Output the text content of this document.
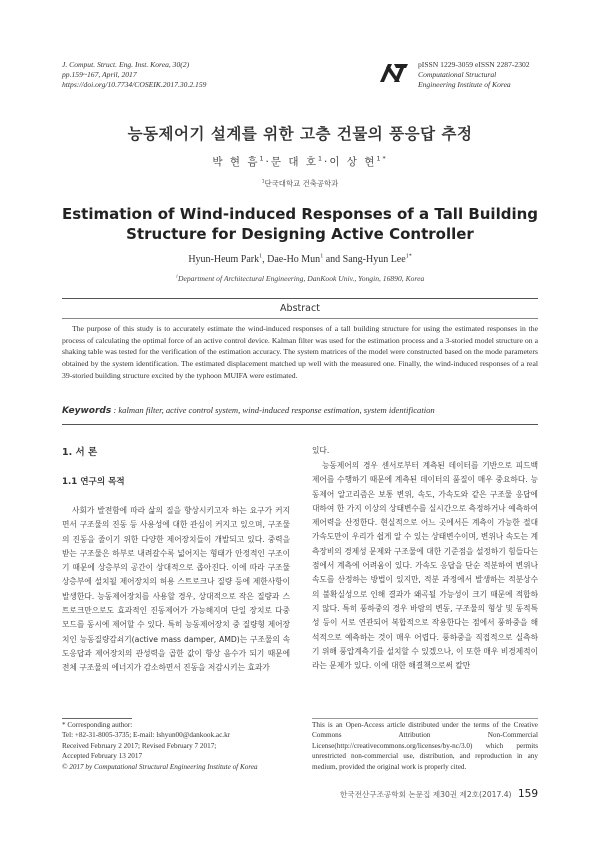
J. Comput. Struct. Eng. Inst. Korea, 30(2)
pp.159~167, April, 2017
https://doi.org/10.7734/COSEIK.2017.30.2.159
pISSN 1229-3059 eISSN 2287-2302
Computational Structural
Engineering Institute of Korea
능동제어기 설계를 위한 고층 건물의 풍응답 추정
박 현 흠$^1$·문 대 호$^1$·이 상 현$^{1*}$
$^1$단국대학교 건축공학과
Estimation of Wind-induced Responses of a Tall Building
Structure for Designing Active Controller
Hyun-Heum Park$^1$, Dae-Ho Mun$^1$ and Sang-Hyun Lee$^{1*}$
$^1$Department of Architectural Engineering, DanKook Univ., Yongin, 16890, Korea
Abstract
The purpose of this study is to accurately estimate the wind-induced responses of a tall building structure for using the estimated responses in the process of calculating the optimal force of an active control device. Kalman filter was used for the estimation process and a 3-storied model structure on a shaking table was tested for the verification of the estimation accuracy. The system matrices of the model were constructed based on the mode parameters obtained by the system identification. The estimated displacement matched up well with the measured one. Finally, the wind-induced responses of a real 39-storied building structure excited by the typhoon MUIFA were estimated.
Keywords : kalman filter, active control system, wind-induced response estimation, system identification
1. 서 론
1.1 연구의 목적
사회가 발전함에 따라 삶의 질을 향상시키고자 하는 요구가 커지면서 구조물의 진동 등 사용성에 대한 관심이 커지고 있으며, 구조물의 진동을 줄이기 위한 다양한 제어장치들이 개발되고 있다. 중력을 받는 구조물은 하부로 내려갈수록 넓어지는 형태가 안정적인 구조이기 때문에 상층부의 공간이 상대적으로 좁아진다. 이에 따라 구조물 상층부에 설치될 제어장치의 허용 스트로크나 질량 등에 제한사항이 발생한다. 능동제어장치를 사용할 경우, 상대적으로 작은 질량과 스트로크만으로도 효과적인 진동제어가 가능해지며 단일 장치로 다중모드를 동시에 제어할 수 있다. 특히 능동제어장치 중 질량형 제어장치인 능동질량감쇠기(active mass damper, AMD)는 구조물의 속도응답과 제어장치의 관성력을 곱한 값이 항상 음수가 되기 때문에 전체 구조물의 에너지가 감소하면서 진동을 저감시키는 효과가
있다.
능동제어의 경우 센서로부터 계측된 데이터를 기반으로 피드백 제어를 수행하기 때문에 계측된 데이터의 품질이 매우 중요하다. 능동제어 알고리즘은 보통 변위, 속도, 가속도와 같은 구조물 응답에 대하여 한 가지 이상의 상태변수를 실시간으로 측정하거나 예측하여 제어력을 산정한다. 현실적으로 어느 곳에서든 계측이 가능한 절대가속도만이 우리가 쉽게 알 수 있는 상태변수이며, 변위나 속도는 계측장비의 경제성 문제와 구조물에 대한 기준점을 설정하기 힘들다는 점에서 계측에 어려움이 있다. 가속도 응답을 단순 적분하여 변위나 속도를 산정하는 방법이 있지만, 적분 과정에서 발생하는 적분상수의 불확실성으로 인해 결과가 왜곡될 가능성이 크기 때문에 적합하지 않다. 특히 풍하중의 경우 바람의 변동, 구조물의 형상 및 동적특성 등이 서로 연관되어 복합적으로 작용한다는 점에서 풍하중을 해석적으로 예측하는 것이 매우 어렵다. 풍하중을 직접적으로 실측하기 위해 풍압계측기를 설치할 수 있겠으나, 이 또한 매우 비경제적이라는 문제가 있다. 이에 대한 해결책으로써 칼만
* Corresponding author:
Tel: +82-31-8005-3735; E-mail: lshyun00@dankook.ac.kr
Received February 2 2017; Revised February 7 2017;
Accepted February 13 2017
© 2017 by Computational Structural Engineering Institute of Korea
This is an Open-Access article distributed under the terms of the Creative Commons Attribution Non-Commercial License(http://creativecommons.org/licenses/by-nc/3.0) which permits unrestricted non-commercial use, distribution, and reproduction in any medium, provided the original work is properly cited.
한국전산구조공학회 논문집 제30권 제2호(2017.4) 159
